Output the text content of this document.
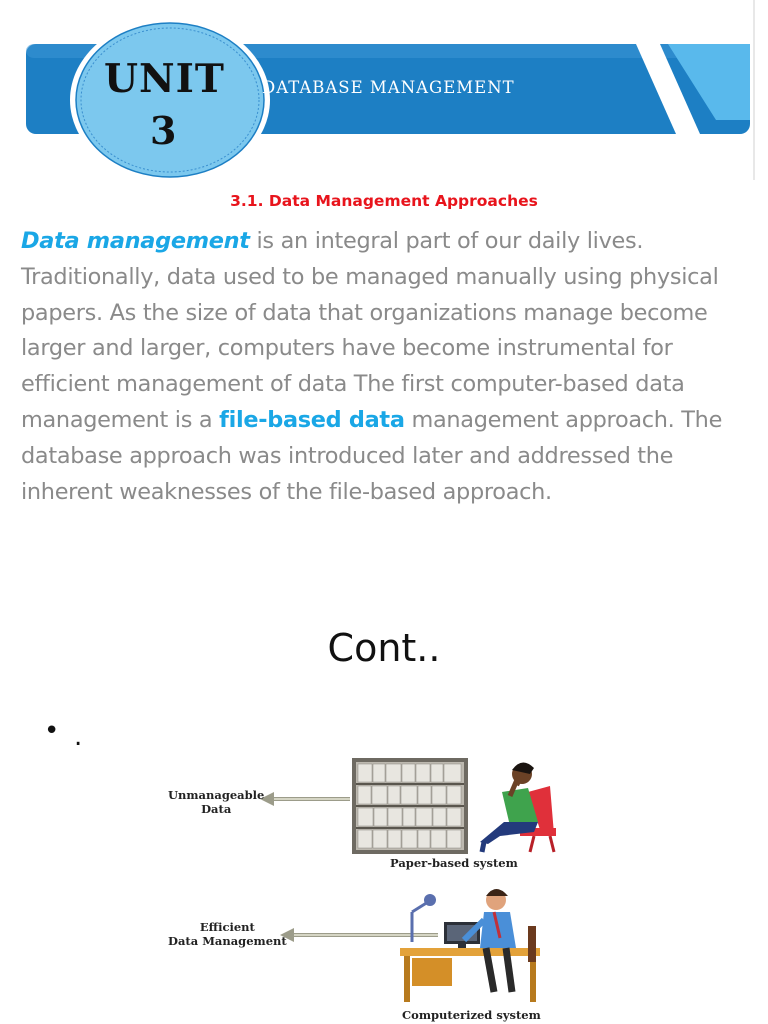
UNIT
3
DATABASE MANAGEMENT
3.1. Data Management Approaches
Data management is an integral part of our daily lives. Traditionally, data used to be managed manually using physical papers. As the size of data that organizations manage become larger and larger, computers have become instrumental for efficient management of data The first computer-based data management is a file-based data management approach. The database approach was introduced later and addressed the inherent weaknesses of the file-based approach.
Cont..
• .
Unmanageable
Data
Paper-based system
Efficient
Data Management
Computerized system
